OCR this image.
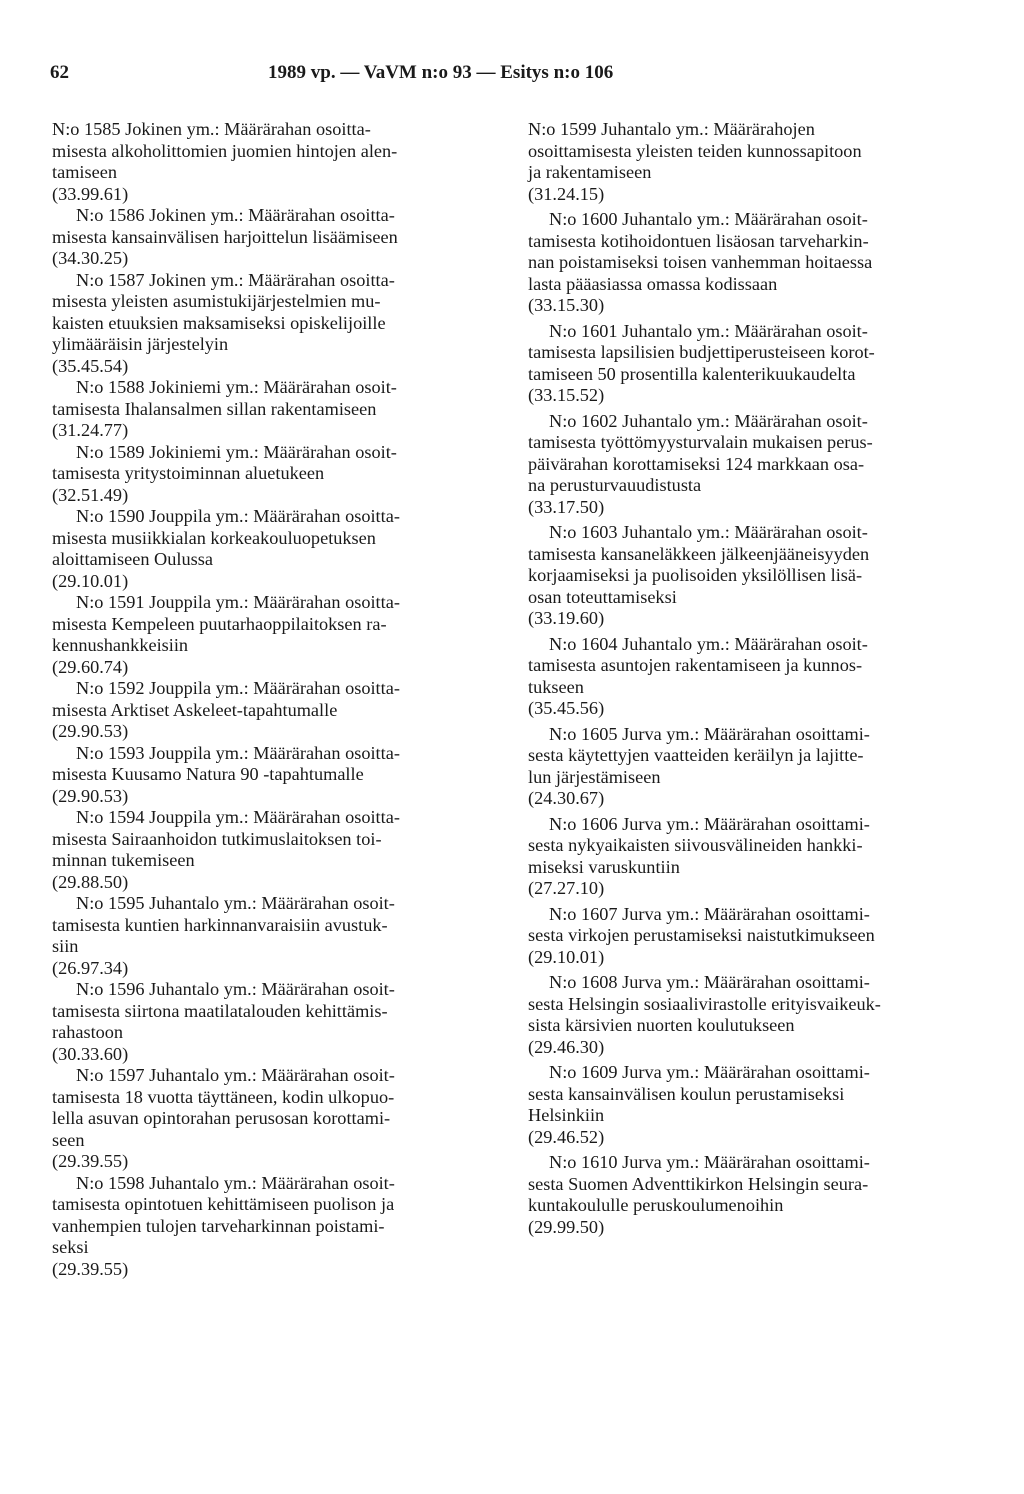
62	1989 vp. — VaVM n:o 93 — Esitys n:o 106
N:o 1585 Jokinen ym.: Määrärahan osoitta-
misesta alkoholittomien juomien hintojen alen-
tamiseen
(33.99.61)
N:o 1586 Jokinen ym.: Määrärahan osoitta-
misesta kansainvälisen harjoittelun lisäämiseen
(34.30.25)
N:o 1587 Jokinen ym.: Määrärahan osoitta-
misesta yleisten asumistukijärjestelmien mu-
kaisten etuuksien maksamiseksi opiskelijoille
ylimääräisin järjestelyin
(35.45.54)
N:o 1588 Jokiniemi ym.: Määrärahan osoit-
tamisesta Ihalansalmen sillan rakentamiseen
(31.24.77)
N:o 1589 Jokiniemi ym.: Määrärahan osoit-
tamisesta yritystoiminnan aluetukeen
(32.51.49)
N:o 1590 Jouppila ym.: Määrärahan osoitta-
misesta musiikkialan korkeakouluopetuksen
aloittamiseen Oulussa
(29.10.01)
N:o 1591 Jouppila ym.: Määrärahan osoitta-
misesta Kempeleen puutarhaoppilaitoksen ra-
kennushankkeisiin
(29.60.74)
N:o 1592 Jouppila ym.: Määrärahan osoitta-
misesta Arktiset Askeleet-tapahtumalle
(29.90.53)
N:o 1593 Jouppila ym.: Määrärahan osoitta-
misesta Kuusamo Natura 90 -tapahtumalle
(29.90.53)
N:o 1594 Jouppila ym.: Määrärahan osoitta-
misesta Sairaanhoidon tutkimuslaitoksen toi-
minnan tukemiseen
(29.88.50)
N:o 1595 Juhantalo ym.: Määrärahan osoit-
tamisesta kuntien harkinnanvaraisiin avustuk-
siin
(26.97.34)
N:o 1596 Juhantalo ym.: Määrärahan osoit-
tamisesta siirtona maatilatalouden kehittämis-
rahastoon
(30.33.60)
N:o 1597 Juhantalo ym.: Määrärahan osoit-
tamisesta 18 vuotta täyttäneen, kodin ulkopuo-
lella asuvan opintorahan perusosan korottami-
seen
(29.39.55)
N:o 1598 Juhantalo ym.: Määrärahan osoit-
tamisesta opintotuen kehittämiseen puolison ja
vanhempien tulojen tarveharkinnan poistami-
seksi
(29.39.55)
N:o 1599 Juhantalo ym.: Määrärahojen
osoittamisesta yleisten teiden kunnossapitoon
ja rakentamiseen
(31.24.15)
N:o 1600 Juhantalo ym.: Määrärahan osoit-
tamisesta kotihoidontuen lisäosan tarveharkin-
nan poistamiseksi toisen vanhemman hoitaessa
lasta pääasiassa omassa kodissaan
(33.15.30)
N:o 1601 Juhantalo ym.: Määrärahan osoit-
tamisesta lapsilisien budjettiperusteiseen korot-
tamiseen 50 prosentilla kalenterikuukaudelta
(33.15.52)
N:o 1602 Juhantalo ym.: Määrärahan osoit-
tamisesta työttömyysturvalain mukaisen perus-
päivärahan korottamiseksi 124 markkaan osa-
na perusturvauudistusta
(33.17.50)
N:o 1603 Juhantalo ym.: Määrärahan osoit-
tamisesta kansaneläkkeen jälkeenjääneisyyden
korjaamiseksi ja puolisoiden yksilöllisen lisä-
osan toteuttamiseksi
(33.19.60)
N:o 1604 Juhantalo ym.: Määrärahan osoit-
tamisesta asuntojen rakentamiseen ja kunnos-
tukseen
(35.45.56)
N:o 1605 Jurva ym.: Määrärahan osoittami-
sesta käytettyjen vaatteiden keräilyn ja lajitte-
lun järjestämiseen
(24.30.67)
N:o 1606 Jurva ym.: Määrärahan osoittami-
sesta nykyaikaisten siivousvälineiden hankki-
miseksi varuskuntiin
(27.27.10)
N:o 1607 Jurva ym.: Määrärahan osoittami-
sesta virkojen perustamiseksi naistutkimukseen
(29.10.01)
N:o 1608 Jurva ym.: Määrärahan osoittami-
sesta Helsingin sosiaalivirastolle erityisvaikeuk-
sista kärsivien nuorten koulutukseen
(29.46.30)
N:o 1609 Jurva ym.: Määrärahan osoittami-
sesta kansainvälisen koulun perustamiseksi
Helsinkiin
(29.46.52)
N:o 1610 Jurva ym.: Määrärahan osoittami-
sesta Suomen Adventtikirkon Helsingin seura-
kuntakoululle peruskoulumenoihin
(29.99.50)
